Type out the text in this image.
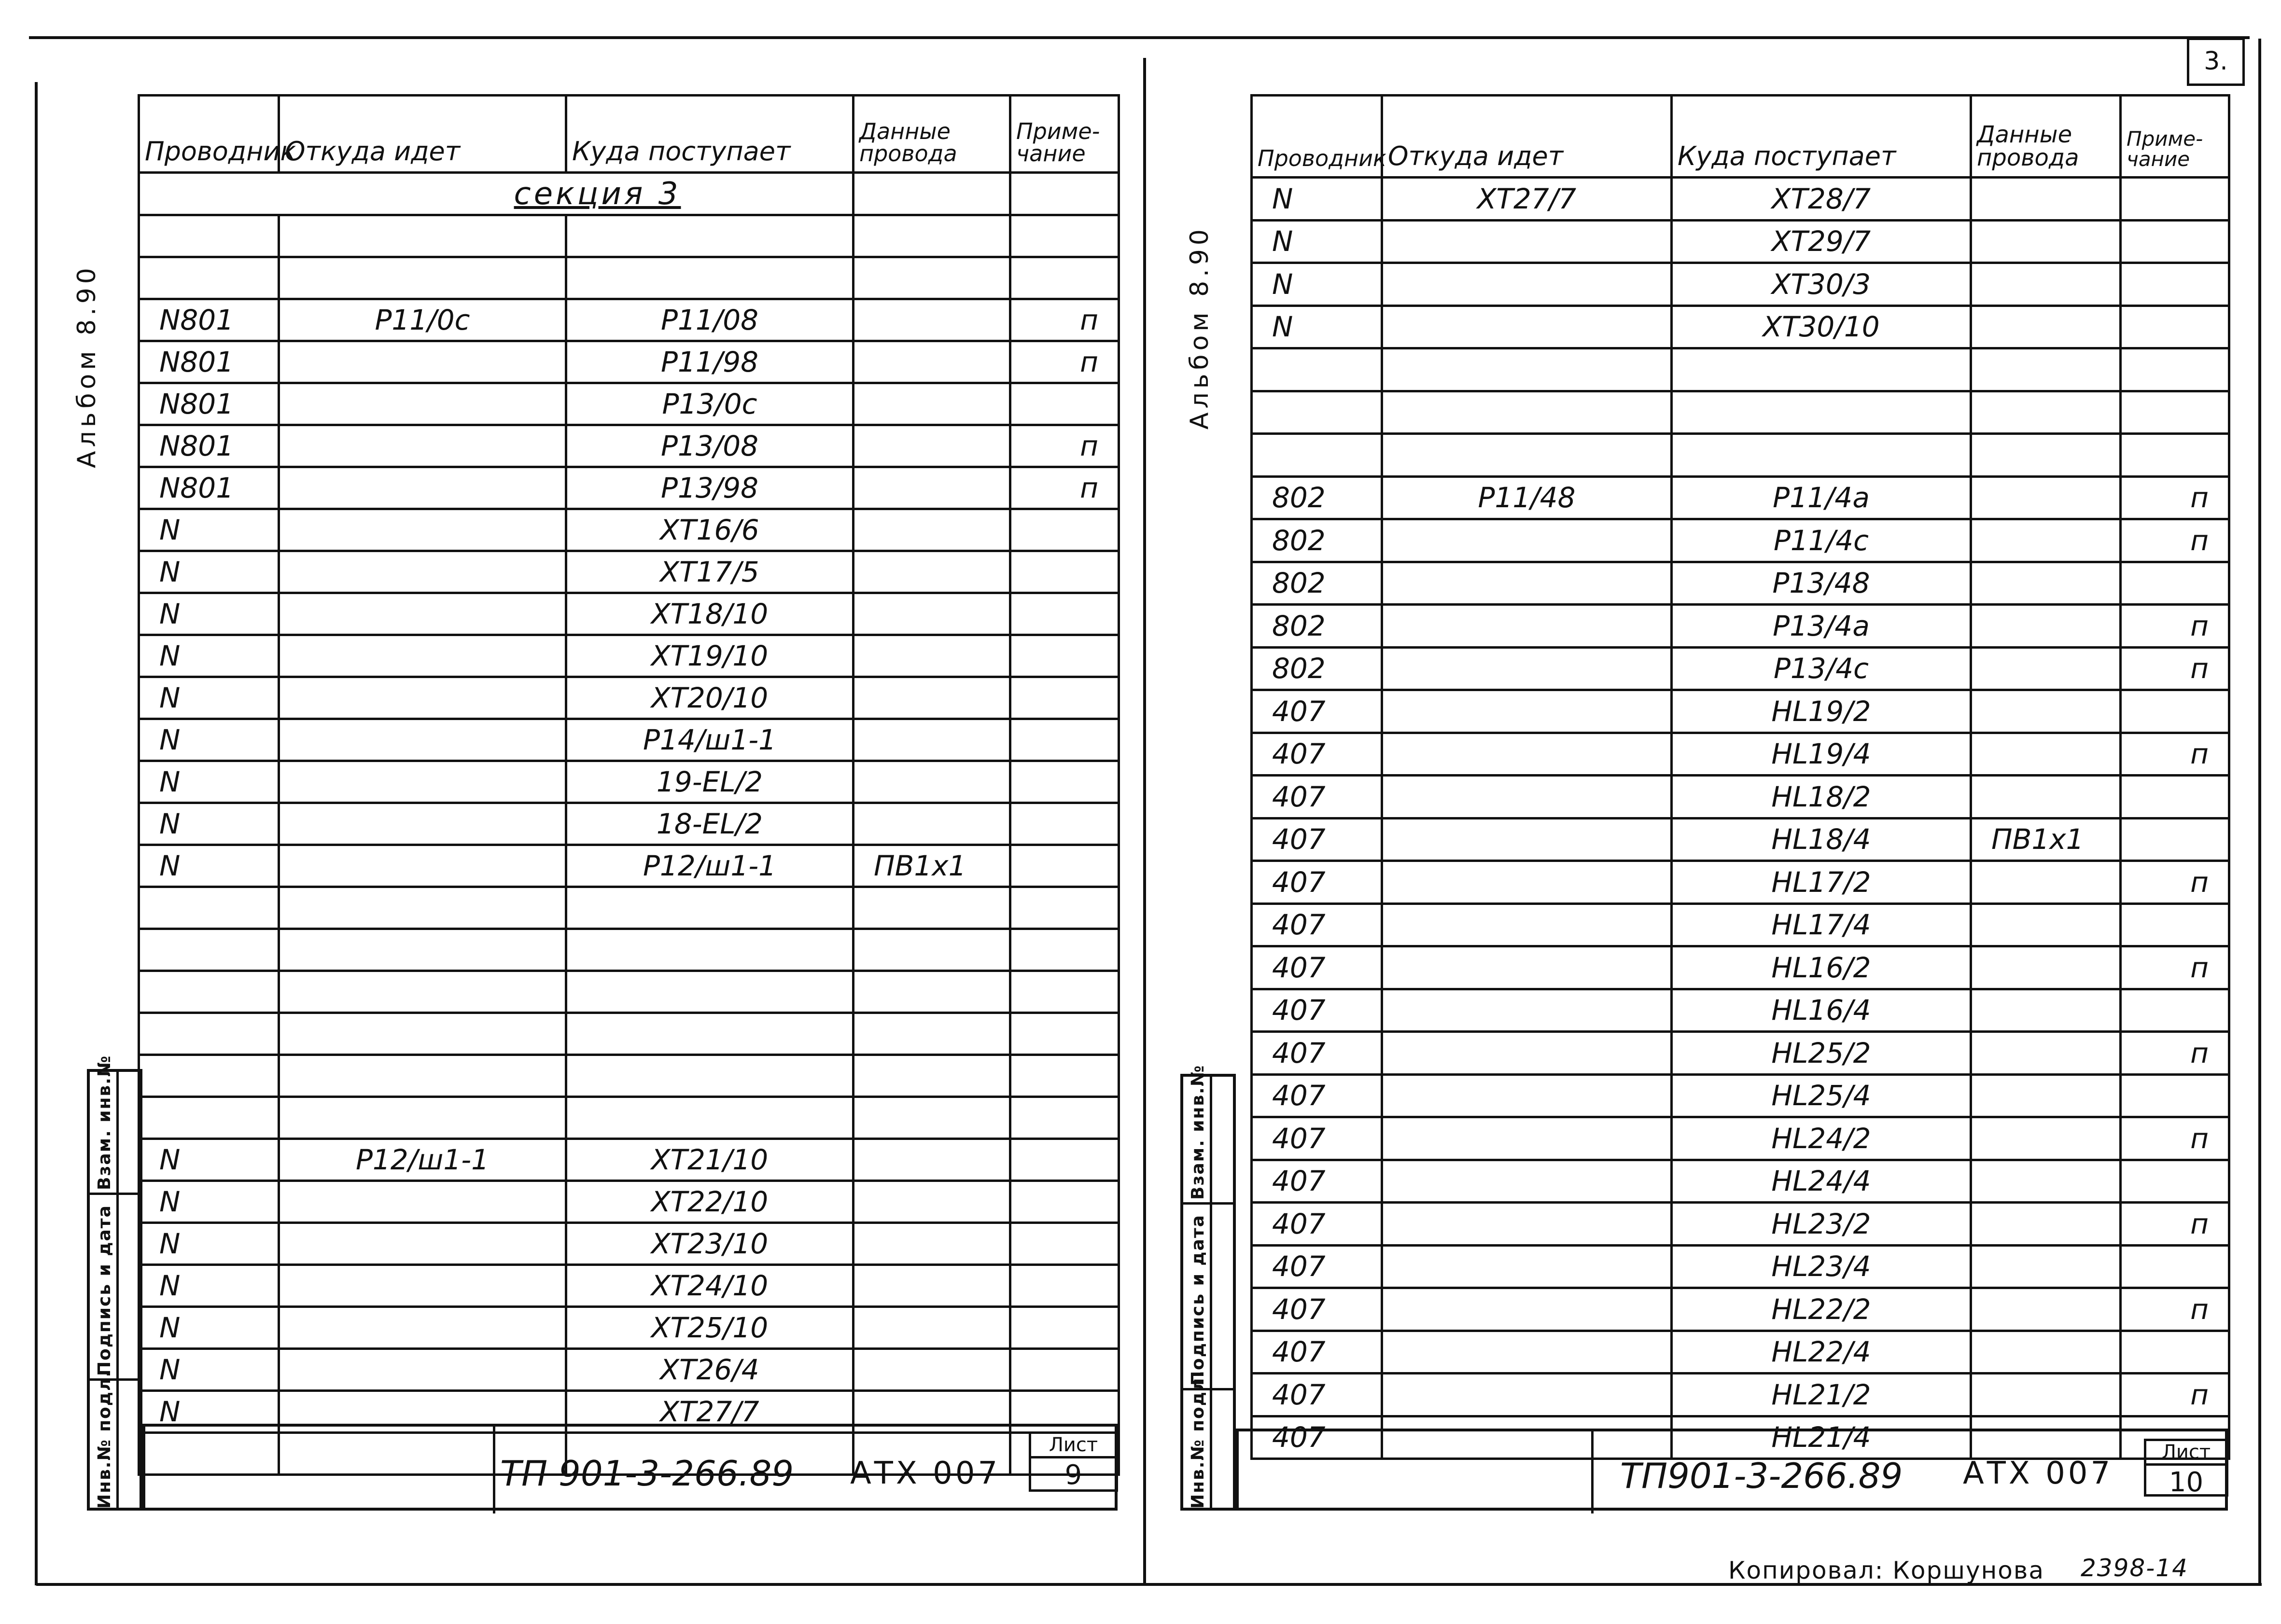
3.
Альбом 8.90
Проводник	Откуда идет	Куда поступает	Данные провода	Приме-чание
секция 3				

N801	P11/0c	P11/08		п
N801		P11/98		п
N801		P13/0c		
N801		P13/08		п
N801		P13/98		п
N		XT16/6		
N		XT17/5		
N		XT18/10		
N		XT19/10		
N		XT20/10		
N		P14/ш1-1		
N		19-EL/2		
N		18-EL/2		
N		P12/ш1-1	ПВ1x1	

N	P12/ш1-1	XT21/10		
N		XT22/10		
N		XT23/10		
N		XT24/10		
N		XT25/10		
N		XT26/4		
N		XT27/7		

Взам. инв.№
Подпись и дата
Инв.№ подл.	ТП 901-3-266.89 АТХ 007
Лист
9
Альбом 8.90
Проводник	Откуда идет	Куда поступает	Данные провода	Приме-чание
N	XT27/7	XT28/7		
N		XT29/7		
N		XT30/3		
N		XT30/10		

802	P11/48	P11/4a		п
802		P11/4c		п
802		P13/48		
802		P13/4a		п
802		P13/4c		п
407		HL19/2		
407		HL19/4		п
407		HL18/2		
407		HL18/4	ПВ1x1	
407		HL17/2		п
407		HL17/4		
407		HL16/2		п
407		HL16/4		
407		HL25/2		п
407		HL25/4		
407		HL24/2		п
407		HL24/4		
407		HL23/2		п
407		HL23/4		
407		HL22/2		п
407		HL22/4		
407		HL21/2		п
407		HL21/4		
Взам. инв.№
Подпись и дата
Инв.№ подл.	ТП901-3-266.89 АТХ 007
Лист
10
Копировал: Коршунова 2398-14
